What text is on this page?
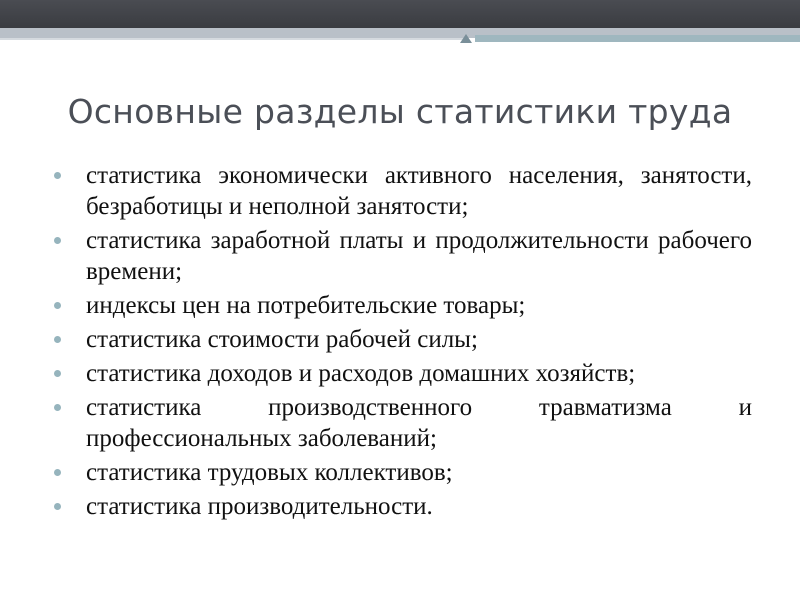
Основные разделы статистики труда
статистика экономически активного населения, занятости, безработицы и неполной занятости;
статистика заработной платы и продолжительности рабочего времени;
индексы цен на потребительские товары;
статистика стоимости рабочей силы;
статистика доходов и расходов домашних хозяйств;
статистика производственного травматизма и профессиональных заболеваний;
статистика трудовых коллективов;
статистика производительности.
